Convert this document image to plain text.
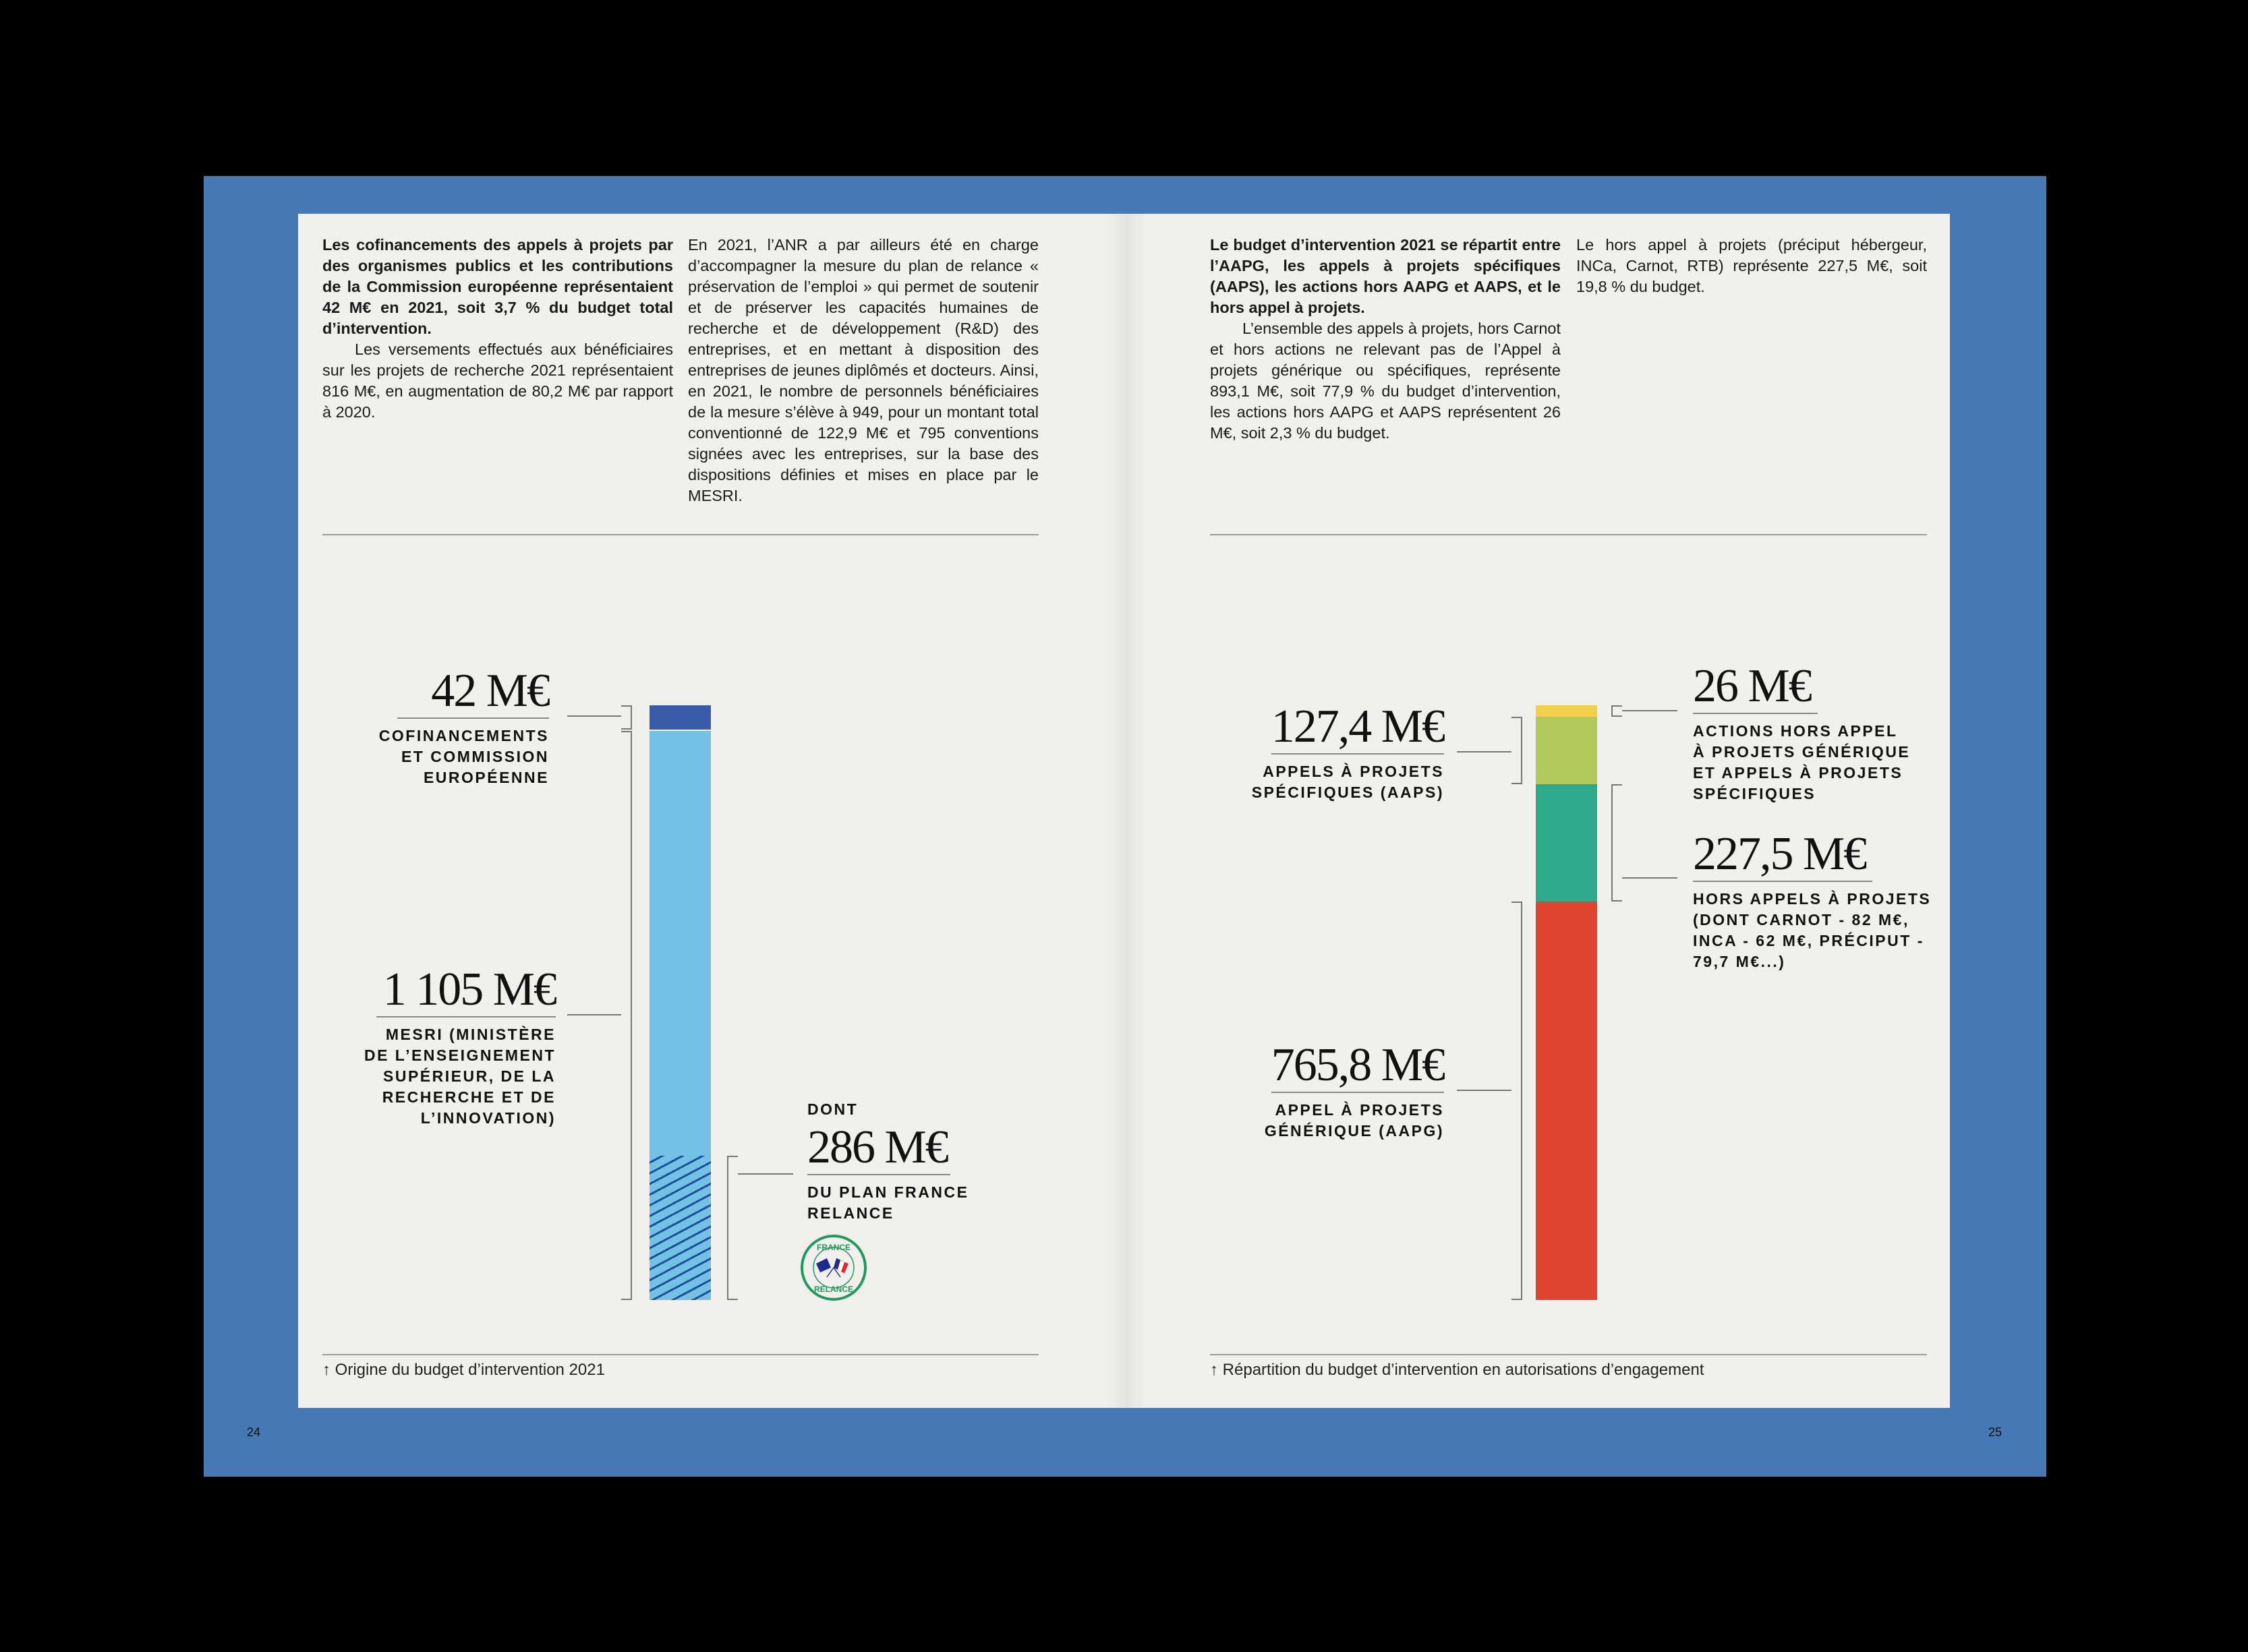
Les cofinancements des appels à projets par des organismes publics et les contributions de la Commission européenne représentaient 42 M€ en 2021, soit 3,7 % du budget total d’intervention.

Les versements effectués aux bénéficiaires sur les projets de recherche 2021 représentaient 816 M€, en augmentation de 80,2 M€ par rapport à 2020.

En 2021, l’ANR a par ailleurs été en charge d’accompagner la mesure du plan de relance « préservation de l’emploi » qui permet de soutenir et de préserver les capacités humaines de recherche et de développement (R&D) des entreprises, et en mettant à disposition des entreprises de jeunes diplômés et docteurs. Ainsi, en 2021, le nombre de personnels bénéficiaires de la mesure s’élève à 949, pour un montant total conventionné de 122,9 M€ et 795 conventions signées avec les entreprises, sur la base des dispositions définies et mises en place par le MESRI.
42 M€
COFINANCEMENTS ET COMMISSION EUROPÉENNE
1 105 M€
MESRI (MINISTÈRE DE L’ENSEIGNEMENT SUPÉRIEUR, DE LA RECHERCHE ET DE L’INNOVATION)	DONT
286 M€
DU PLAN FRANCE RELANCE
FRANCE
RELANCE
↑ Origine du budget d’intervention 2021
24

Le budget d’intervention 2021 se répartit entre l’AAPG, les appels à projets spécifiques (AAPS), les actions hors AAPG et AAPS, et le hors appel à projets.

L’ensemble des appels à projets, hors Carnot et hors actions ne relevant pas de l’Appel à projets générique ou spécifiques, représente 893,1 M€, soit 77,9 % du budget d’intervention, les actions hors AAPG et AAPS représentent 26 M€, soit 2,3 % du budget.

Le hors appel à projets (préciput hébergeur, INCa, Carnot, RTB) représente 227,5 M€, soit 19,8 % du budget.
127,4 M€
APPELS À PROJETS SPÉCIFIQUES (AAPS)
765,8 M€
APPEL À PROJETS GÉNÉRIQUE (AAPG)
26 M€
ACTIONS HORS APPEL À PROJETS GÉNÉRIQUE ET APPELS À PROJETS SPÉCIFIQUES
227,5 M€
HORS APPELS À PROJETS (DONT CARNOT - 82 M€, INCA - 62 M€, PRÉCIPUT - 79,7 M€...)
↑ Répartition du budget d’intervention en autorisations d’engagement
25
